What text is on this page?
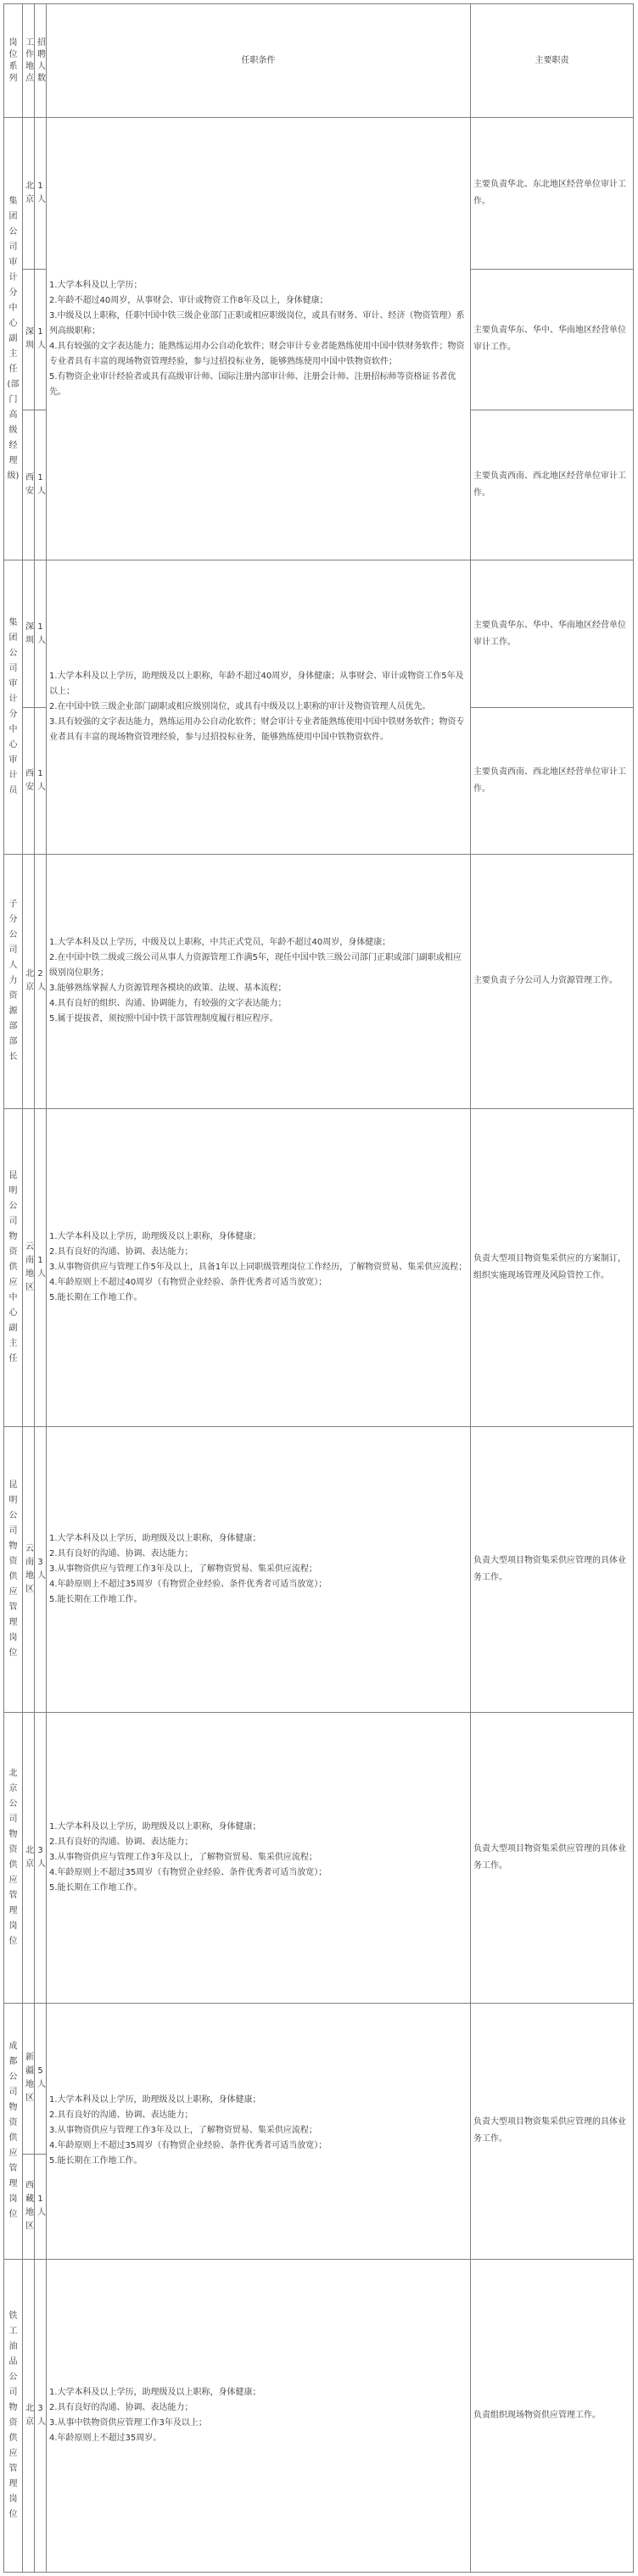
岗位系列	工作地点	招聘人数	任职条件	主要职责
集团公司审计分中心副主任(部门高级经理级)	北京	1人	1.大学本科及以上学历；

2.年龄不超过40周岁，从事财会、审计或物资工作8年及以上，身体健康；

3.中级及以上职称，任职中国中铁三级企业部门正职或相应职级岗位，或具有财务、审计、经济（物资管理）系列高级职称；

4.具有较强的文字表达能力；能熟练运用办公自动化软件；财会审计专业者能熟练使用中国中铁财务软件；物资专业者具有丰富的现场物资管理经验，参与过招投标业务，能够熟练使用中国中铁物资软件；

5.有物资企业审计经验者或具有高级审计师、国际注册内部审计师、注册会计师、注册招标师等资格证书者优先。	主要负责华北、东北地区经营单位审计工作。
	深圳	1人		主要负责华东、华中、华南地区经营单位审计工作。
	西安	1人		主要负责西南、西北地区经营单位审计工作。
集团公司审计分中心审计员	深圳	1人	1.大学本科及以上学历，助理级及以上职称，年龄不超过40周岁，身体健康；从事财会、审计或物资工作5年及以上；

2.在中国中铁三级企业部门副职或相应级别岗位，或具有中级及以上职称的审计及物资管理人员优先。

3.具有较强的文字表达能力，熟练运用办公自动化软件；财会审计专业者能熟练使用中国中铁财务软件；物资专业者具有丰富的现场物资管理经验，参与过招投标业务，能够熟练使用中国中铁物资软件。	主要负责华东、华中、华南地区经营单位审计工作。
	西安	1人		主要负责西南、西北地区经营单位审计工作。
子分公司人力资源部部长	北京	2人	1.大学本科及以上学历，中级及以上职称，中共正式党员，年龄不超过40周岁，身体健康；

2.在中国中铁二级或三级公司从事人力资源管理工作满5年，现任中国中铁三级公司部门正职或部门副职或相应级别岗位职务；

3.能够熟练掌握人力资源管理各模块的政策、法规、基本流程；

4.具有良好的组织、沟通、协调能力，有较强的文字表达能力；

5.属于提拔者，须按照中国中铁干部管理制度履行相应程序。	主要负责子分公司人力资源管理工作。
昆明公司物资供应中心副主任	云南地区	1人	1.大学本科及以上学历，助理级及以上职称，身体健康；

2.具有良好的沟通、协调、表达能力；

3.从事物资供应与管理工作5年及以上，具备1年以上同职级管理岗位工作经历，了解物资贸易、集采供应流程；

4.年龄原则上不超过40周岁（有物贸企业经验、条件优秀者可适当放宽）；

5.能长期在工作地工作。	负责大型项目物资集采供应的方案制订，组织实施现场管理及风险管控工作。
昆明公司物资供应管理岗位	云南地区	3人	1.大学本科及以上学历，助理级及以上职称，身体健康；

2.具有良好的沟通、协调、表达能力；

3.从事物资供应与管理工作3年及以上，了解物资贸易、集采供应流程；

4.年龄原则上不超过35周岁（有物贸企业经验、条件优秀者可适当放宽）；

5.能长期在工作地工作。	负责大型项目物资集采供应管理的具体业务工作。
北京公司物资供应管理岗位	北京	3人	1.大学本科及以上学历，助理级及以上职称，身体健康；

2.具有良好的沟通、协调、表达能力；

3.从事物资供应与管理工作3年及以上，了解物资贸易、集采供应流程；

4.年龄原则上不超过35周岁（有物贸企业经验、条件优秀者可适当放宽）；

5.能长期在工作地工作。	负责大型项目物资集采供应管理的具体业务工作。
成都公司物资供应管理岗位	新疆地区	5人	1.大学本科及以上学历，助理级及以上职称，身体健康；

2.具有良好的沟通、协调、表达能力；

3.从事物资供应与管理工作3年及以上，了解物资贸易、集采供应流程；

4.年龄原则上不超过35周岁（有物贸企业经验、条件优秀者可适当放宽）；

5.能长期在工作地工作。	负责大型项目物资集采供应管理的具体业务工作。
	西藏地区	1人		
铁工油品公司物资供应管理岗位	北京	3人	1.大学本科及以上学历，助理级及以上职称，身体健康；

2.具有良好的沟通、协调、表达能力；

3.从事中铁物资供应管理工作3年及以上；

4.年龄原则上不超过35周岁。	负责组织现场物资供应管理工作。
